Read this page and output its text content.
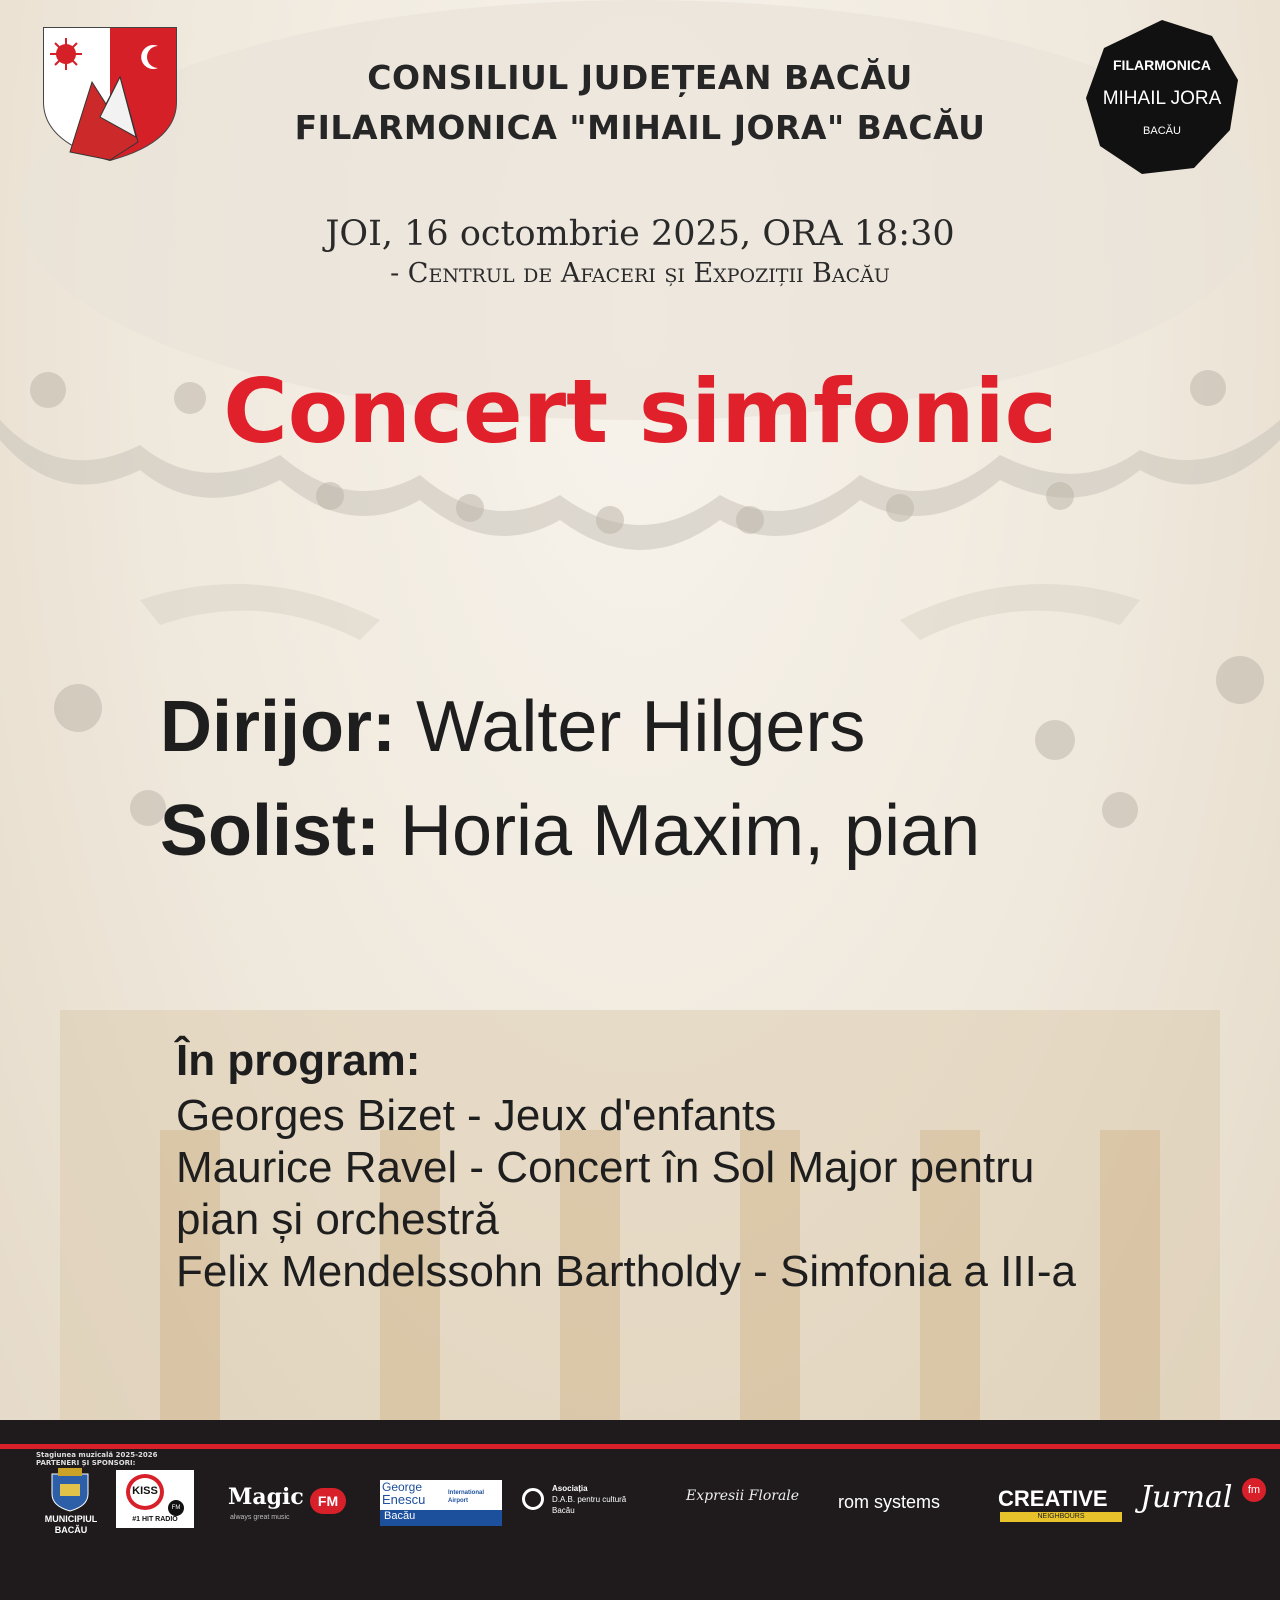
CONSILIUL JUDEȚEAN BACĂU
FILARMONICA "MIHAIL JORA" BACĂU
FILARMONICA
MIHAIL JORA
BACĂU
JOI, 16 octombrie 2025, ORA 18:30
- Centrul de Afaceri și Expoziții Bacău
Concert simfonic
Dirijor: Walter Hilgers
Solist: Horia Maxim, pian
În program:
Georges Bizet - Jeux d'enfants
Maurice Ravel - Concert în Sol Major pentru pian și orchestră
Felix Mendelssohn Bartholdy - Simfonia a III-a
Stagiunea muzicală 2025-2026
PARTENERI ȘI SPONSORI:
MUNICIPIUL
BACĂU
KISS
FM
#1 HIT RADIO
Magic	FM
always great music
George
Enescu	International
Airport
Bacău
Asociația
D.A.B. pentru cultură
Bacău
Expresii Florale rom systems	CREATIVE
NEIGHBOURS
Jurnal	fm
